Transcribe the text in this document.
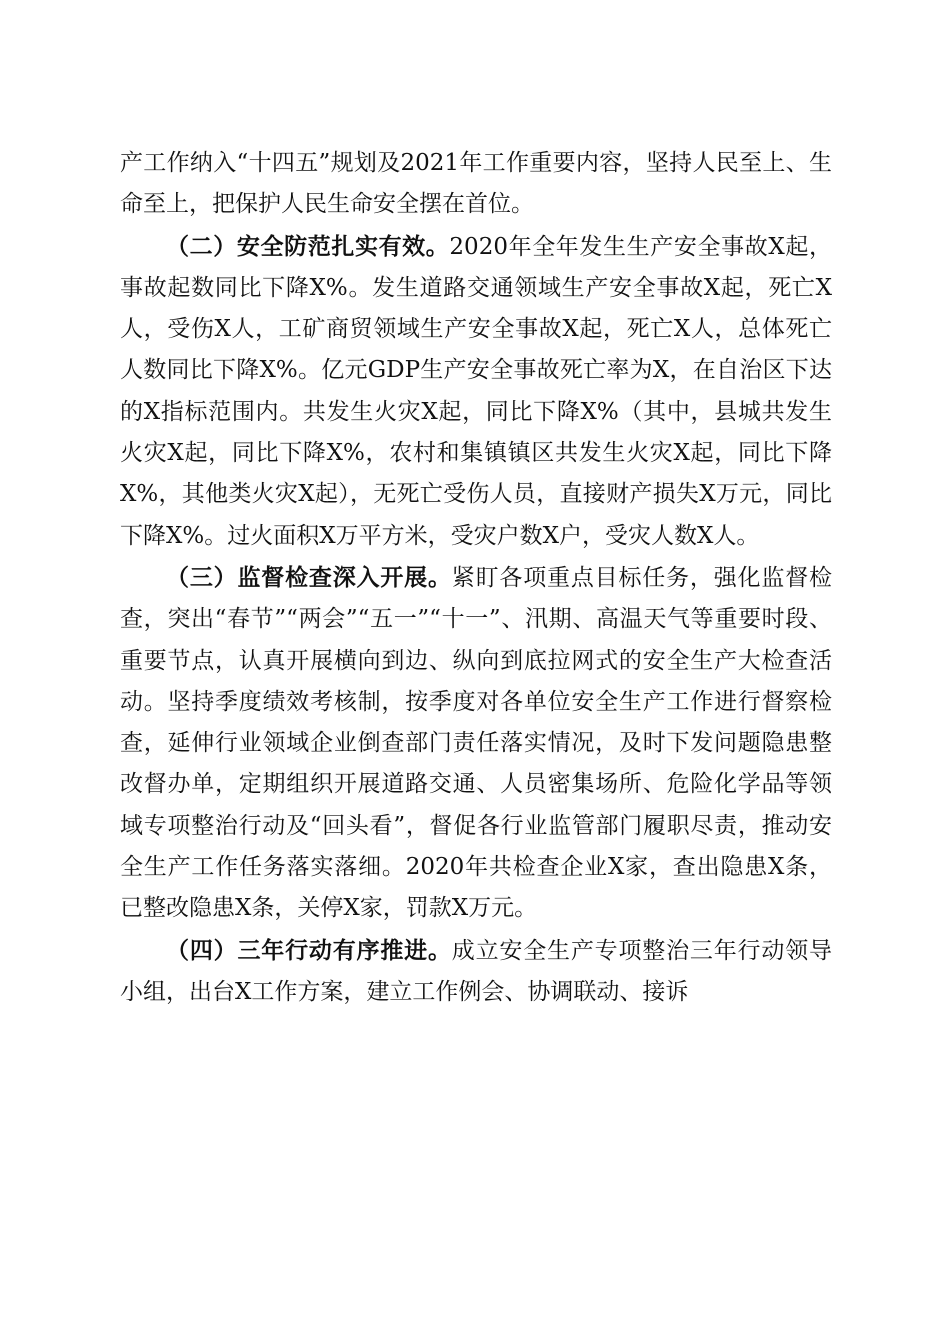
产工作纳入“十四五”规划及2021年工作重要内容，坚持人民至上、生命至上，把保护人民生命安全摆在首位。

（二）安全防范扎实有效。2020年全年发生生产安全事故X起，事故起数同比下降X%。发生道路交通领域生产安全事故X起，死亡X人，受伤X人，工矿商贸领域生产安全事故X起，死亡X人，总体死亡人数同比下降X%。亿元GDP生产安全事故死亡率为X，在自治区下达的X指标范围内。共发生火灾X起，同比下降X%（其中，县城共发生火灾X起，同比下降X%，农村和集镇镇区共发生火灾X起，同比下降X%，其他类火灾X起），无死亡受伤人员，直接财产损失X万元，同比下降X%。过火面积X万平方米，受灾户数X户，受灾人数X人。

（三）监督检查深入开展。紧盯各项重点目标任务，强化监督检查，突出“春节”“两会”“五一”“十一”、汛期、高温天气等重要时段、重要节点，认真开展横向到边、纵向到底拉网式的安全生产大检查活动。坚持季度绩效考核制，按季度对各单位安全生产工作进行督察检查，延伸行业领域企业倒查部门责任落实情况，及时下发问题隐患整改督办单，定期组织开展道路交通、人员密集场所、危险化学品等领域专项整治行动及“回头看”，督促各行业监管部门履职尽责，推动安全生产工作任务落实落细。2020年共检查企业X家，查出隐患X条，已整改隐患X条，关停X家，罚款X万元。

（四）三年行动有序推进。成立安全生产专项整治三年行动领导小组，出台X工作方案，建立工作例会、协调联动、接诉
